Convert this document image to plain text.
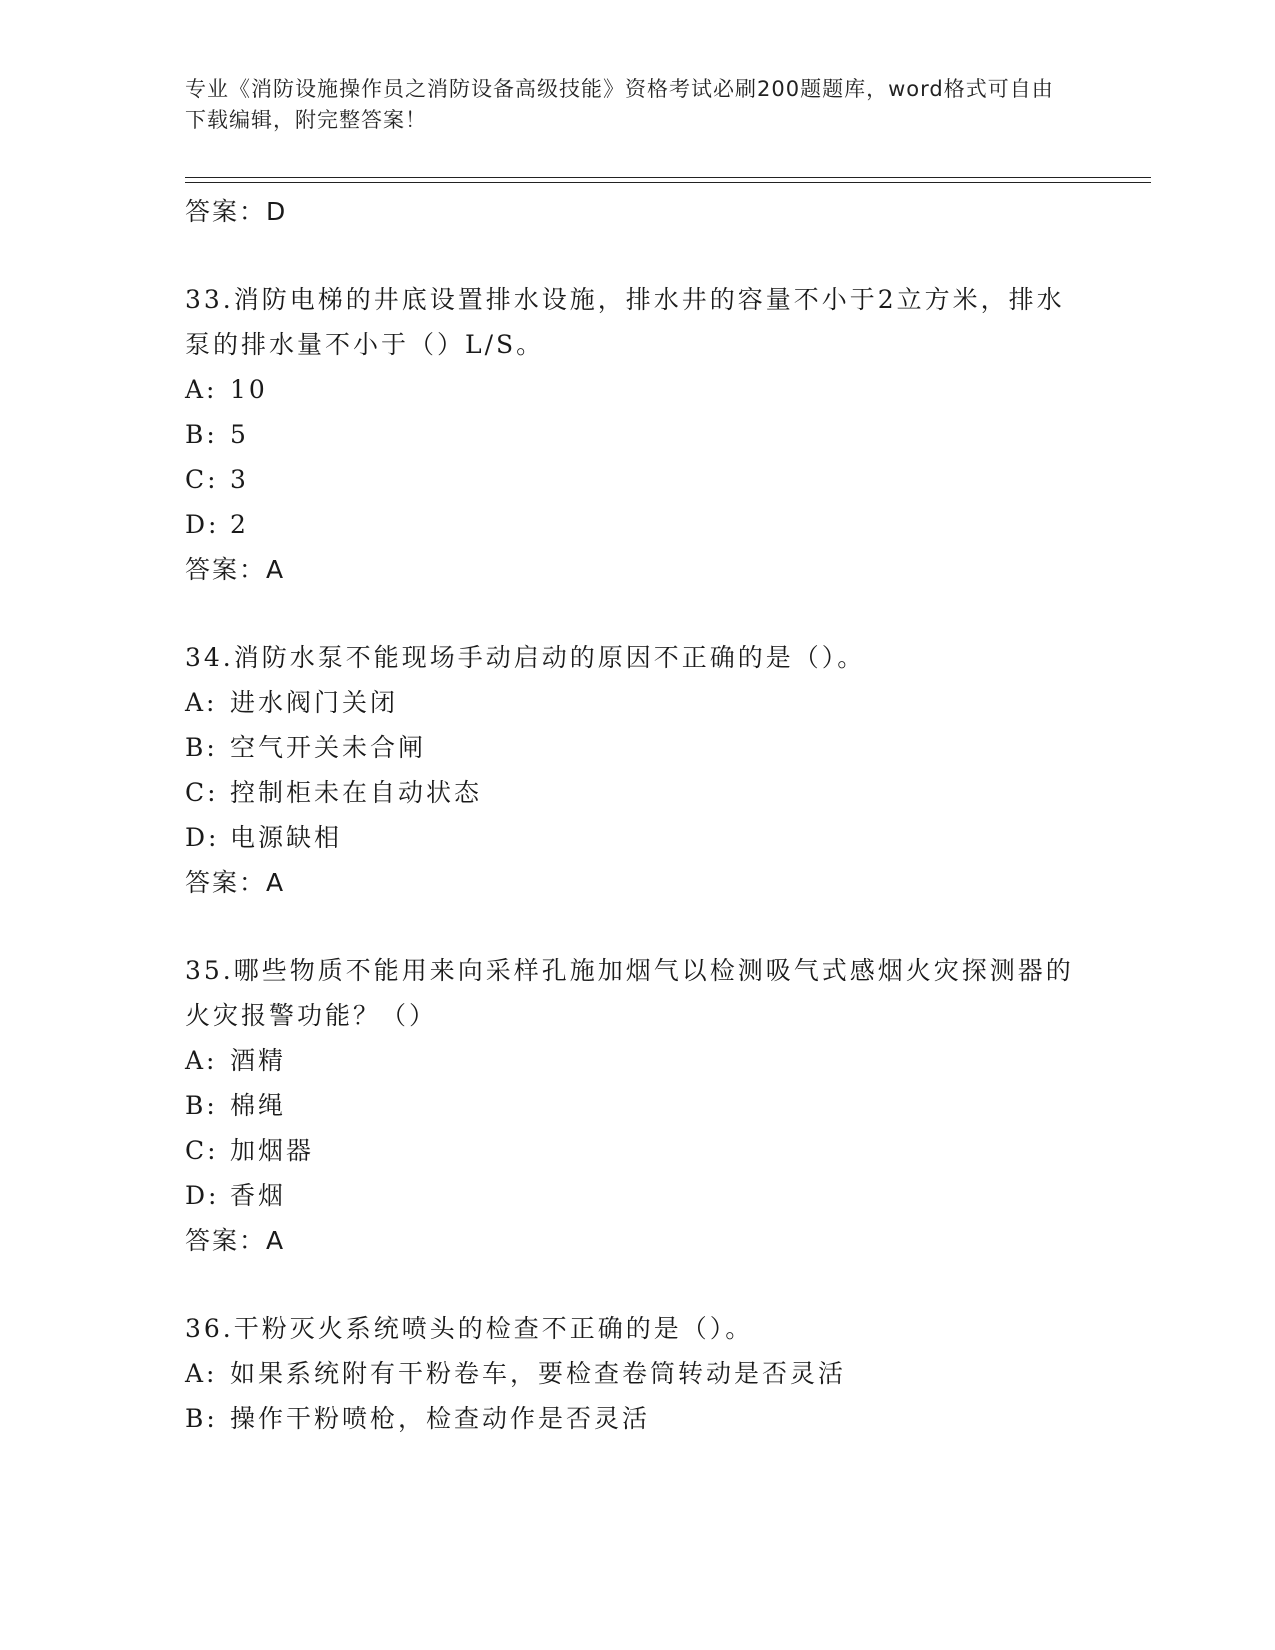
专业《消防设施操作员之消防设备高级技能》资格考试必刷200题题库，word格式可自由下载编辑，附完整答案！
答案：D
33.消防电梯的井底设置排水设施，排水井的容量不小于2立方米，排水泵的排水量不小于（）L/S。
A: 10
B: 5
C: 3
D: 2
答案：A
34.消防水泵不能现场手动启动的原因不正确的是（）。
A: 进水阀门关闭
B: 空气开关未合闸
C: 控制柜未在自动状态
D: 电源缺相
答案：A
35.哪些物质不能用来向采样孔施加烟气以检测吸气式感烟火灾探测器的火灾报警功能？（）
A: 酒精
B: 棉绳
C: 加烟器
D: 香烟
答案：A
36.干粉灭火系统喷头的检查不正确的是（）。
A: 如果系统附有干粉卷车，要检查卷筒转动是否灵活
B: 操作干粉喷枪，检查动作是否灵活
